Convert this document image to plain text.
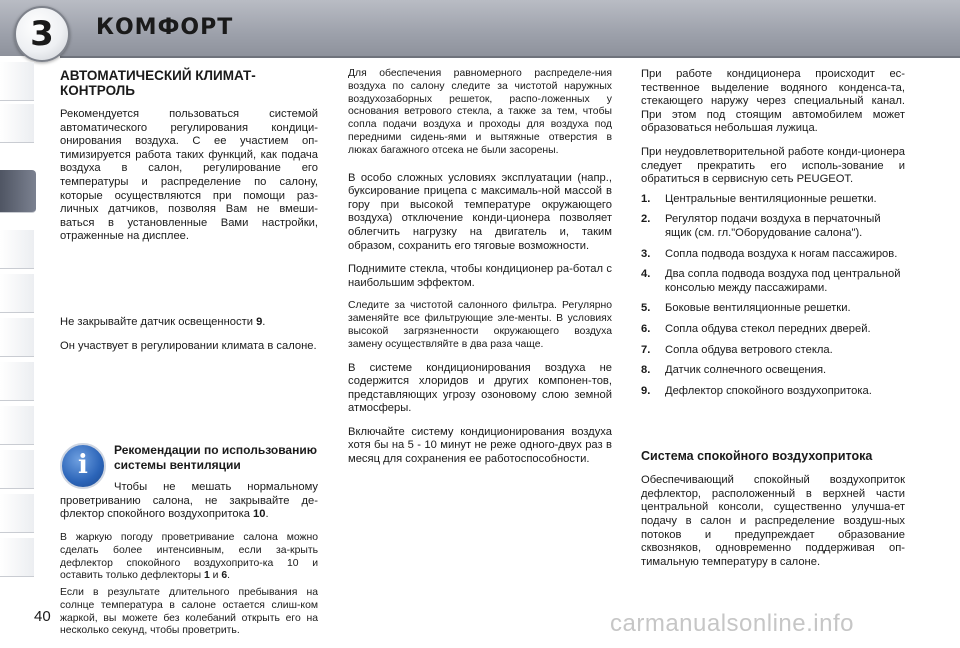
3 КОМФОРТ
АВТОМАТИЧЕСКИЙ КЛИМАТ-КОНТРОЛЬ

Рекомендуется пользоваться системой автоматического регулирования кондици-онирования воздуха. С ее участием оп-тимизируется работа таких функций, как подача воздуха в салон, регулирование его температуры и распределение по салону, которые осуществляются при помощи раз-личных датчиков, позволяя Вам не вмеши-ваться в установленные Вами настройки, отраженные на дисплее.

Не закрывайте датчик освещенности 9.

Он участвует в регулировании климата в салоне.

i
Рекомендации по использованию системы вентиляции

Чтобы не мешать нормальному проветриванию салона, не закрывайте де-флектор спокойного воздухопритока 10.

В жаркую погоду проветривание салона можно сделать более интенсивным, если за-крыть дефлектор спокойного воздухоприто-ка 10 и оставить только дефлекторы 1 и 6.

Если в результате длительного пребывания на солнце температура в салоне остается слиш-ком жаркой, вы можете без колебаний открыть его на несколько секунд, чтобы проветрить.

Для обеспечения равномерного распределе-ния воздуха по салону следите за чистотой наружных воздухозаборных решеток, распо-ложенных у основания ветрового стекла, а также за тем, чтобы сопла подачи воздуха и проходы для воздуха под передними сидень-ями и вытяжные отверстия в люках багажного отсека не были засорены.

В особо сложных условиях эксплуатации (напр., буксирование прицепа с максималь-ной массой в гору при высокой температуре окружающего воздуха) отключение конди-ционера позволяет облегчить нагрузку на двигатель и, таким образом, сохранить его тяговые возможности.

Поднимите стекла, чтобы кондиционер ра-ботал с наибольшим эффектом.

Следите за чистотой салонного фильтра. Регулярно заменяйте все фильтрующие эле-менты. В условиях высокой загрязненности окружающего воздуха замену осуществляйте в два раза чаще.

В системе кондиционирования воздуха не содержится хлоридов и других компонен-тов, представляющих угрозу озоновому слою земной атмосферы.

Включайте систему кондиционирования воздуха хотя бы на 5 - 10 минут не реже одного-двух раз в месяц для сохранения ее работоспособности.

При работе кондиционера происходит ес-тественное выделение водяного конденса-та, стекающего наружу через специальный канал. При этом под стоящим автомобилем может образоваться небольшая лужица.

При неудовлетворительной работе конди-ционера следует прекратить его исполь-зование и обратиться в сервисную сеть PEUGEOT.

1. Центральные вентиляционные решетки.
2. Регулятор подачи воздуха в перчаточный ящик (см. гл."Оборудование салона").
3. Сопла подвода воздуха к ногам пассажиров.
4. Два сопла подвода воздуха под центральной консолью между пассажирами.
5. Боковые вентиляционные решетки.
6. Сопла обдува стекол передних дверей.
7. Сопла обдува ветрового стекла.
8. Датчик солнечного освещения.
9. Дефлектор спокойного воздухопритока.
Система спокойного воздухопритока

Обеспечивающий спокойный воздухоприток дефлектор, расположенный в верхней части центральной консоли, существенно улучша-ет подачу в салон и распределение воздуш-ных потоков и предупреждает образование сквозняков, одновременно поддерживая оп-тимальную температуру в салоне.

40	carmanualsonline.info
